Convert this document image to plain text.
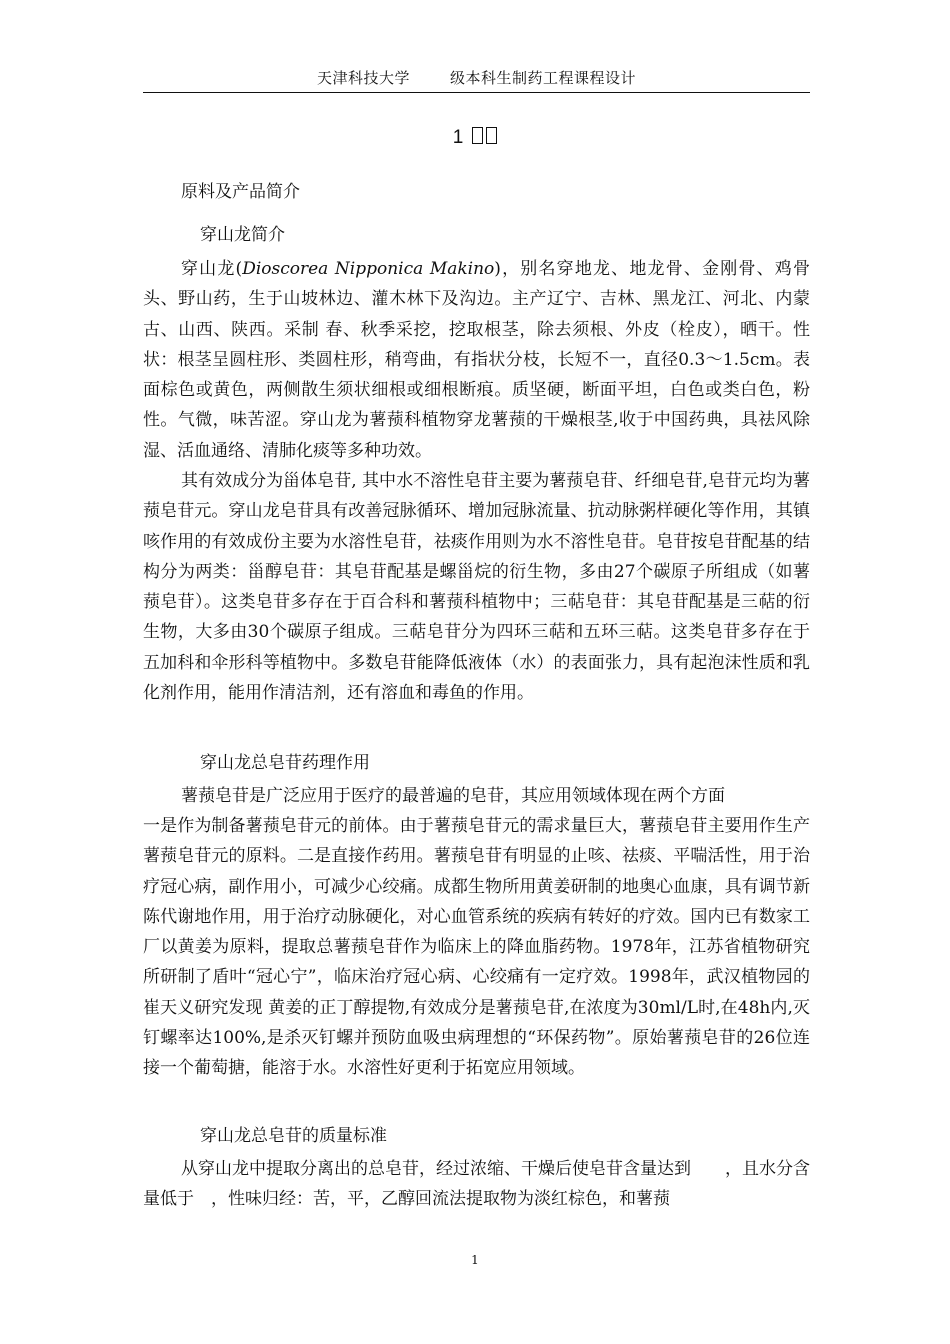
天津科技大学	级本科生制药工程课程设计
1
原料及产品简介
穿山龙简介

穿山龙(Dioscorea Nipponica Makino)，别名穿地龙、地龙骨、金刚骨、鸡骨头、野山药，生于山坡林边、灌木林下及沟边。主产辽宁、吉林、黑龙江、河北、内蒙古、山西、陕西。采制 春、秋季采挖，挖取根茎，除去须根、外皮（栓皮），晒干。性状：根茎呈圆柱形、类圆柱形，稍弯曲，有指状分枝，长短不一，直径0.3～1.5cm。表面棕色或黄色，两侧散生须状细根或细根断痕。质坚硬，断面平坦，白色或类白色，粉性。气微，味苦涩。穿山龙为薯蓣科植物穿龙薯蓣的干燥根茎,收于中国药典，具祛风除湿、活血通络、清肺化痰等多种功效。

其有效成分为甾体皂苷, 其中水不溶性皂苷主要为薯蓣皂苷、纤细皂苷,皂苷元均为薯蓣皂苷元。穿山龙皂苷具有改善冠脉循环、增加冠脉流量、抗动脉粥样硬化等作用，其镇咳作用的有效成份主要为水溶性皂苷，祛痰作用则为水不溶性皂苷。皂苷按皂苷配基的结构分为两类：甾醇皂苷：其皂苷配基是螺甾烷的衍生物，多由27个碳原子所组成（如薯蓣皂苷）。这类皂苷多存在于百合科和薯蓣科植物中；三萜皂苷：其皂苷配基是三萜的衍生物，大多由30个碳原子组成。三萜皂苷分为四环三萜和五环三萜。这类皂苷多存在于五加科和伞形科等植物中。多数皂苷能降低液体（水）的表面张力，具有起泡沫性质和乳化剂作用，能用作清洁剂，还有溶血和毒鱼的作用。

穿山龙总皂苷药理作用

薯蓣皂苷是广泛应用于医疗的最普遍的皂苷，其应用领域体现在两个方面

一是作为制备薯蓣皂苷元的前体。由于薯蓣皂苷元的需求量巨大，薯蓣皂苷主要用作生产薯蓣皂苷元的原料。二是直接作药用。薯蓣皂苷有明显的止咳、祛痰、平喘活性，用于治疗冠心病，副作用小，可减少心绞痛。成都生物所用黄姜研制的地奥心血康，具有调节新陈代谢地作用，用于治疗动脉硬化，对心血管系统的疾病有转好的疗效。国内已有数家工厂以黄姜为原料，提取总薯蓣皂苷作为临床上的降血脂药物。1978年，江苏省植物研究所研制了盾叶“冠心宁”，临床治疗冠心病、心绞痛有一定疗效。1998年，武汉植物园的崔天义研究发现 黄姜的正丁醇提物,有效成分是薯蓣皂苷,在浓度为30ml/L时,在48h内,灭钉螺率达100%,是杀灭钉螺并预防血吸虫病理想的“环保药物”。原始薯蓣皂苷的26位连接一个葡萄搪，能溶于水。水溶性好更利于拓宽应用领域。

穿山龙总皂苷的质量标准

从穿山龙中提取分离出的总皂苷，经过浓缩、干燥后使皂苷含量达到　　，且水分含量低于　，性味归经：苦，平，乙醇回流法提取物为淡红棕色，和薯蓣

1
